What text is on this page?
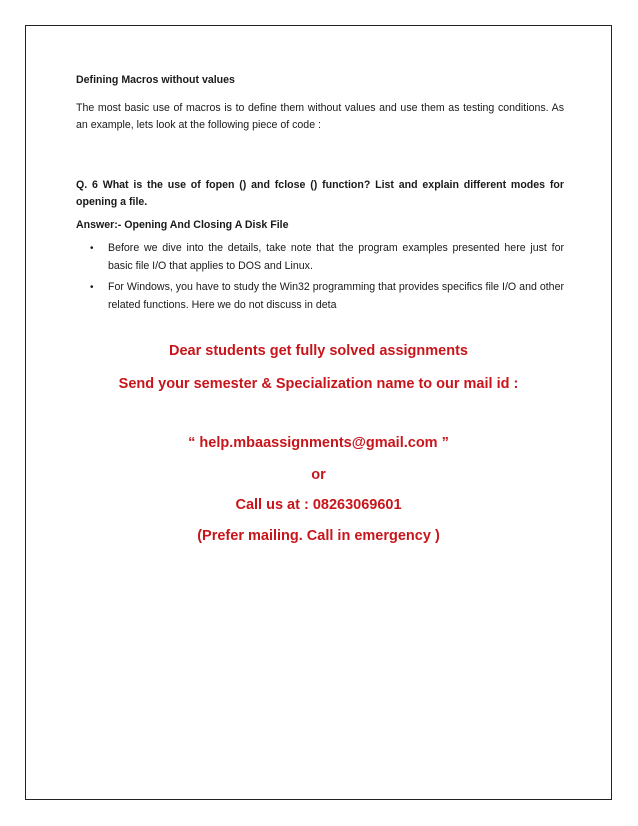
Defining Macros without values
The most basic use of macros is to define them without values and use them as testing conditions. As an example, lets look at the following piece of code :
Q. 6 What is the use of fopen () and fclose () function? List and explain different modes for opening a file.
Answer:- Opening And Closing A Disk File
• Before we dive into the details, take note that the program examples presented here just for basic file I/O that applies to DOS and Linux.
• For Windows, you have to study the Win32 programming that provides specifics file I/O and other related functions. Here we do not discuss in deta
Dear students get fully solved assignments
Send your semester & Specialization name to our mail id :
“ help.mbaassignments@gmail.com ”
or
Call us at : 08263069601
(Prefer mailing. Call in emergency )
